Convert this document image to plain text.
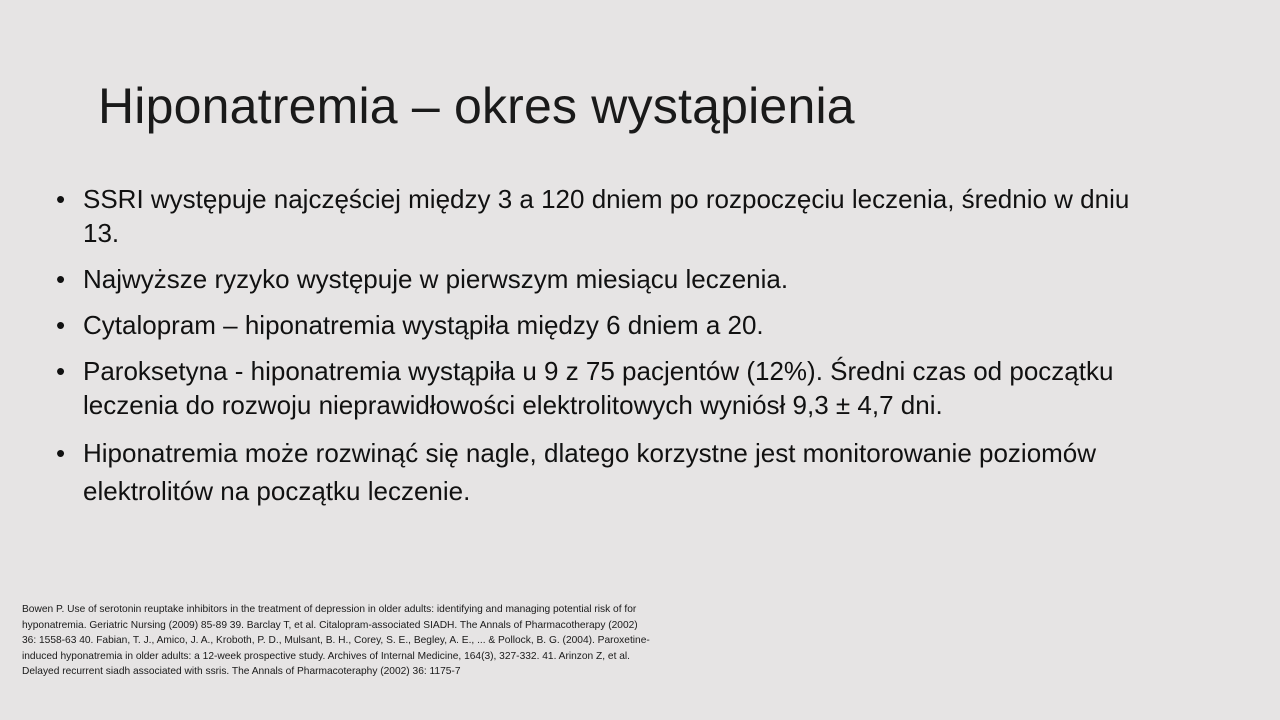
Hiponatremia – okres wystąpienia
• SSRI występuje najczęściej między 3 a 120 dniem po rozpoczęciu leczenia, średnio w dniu 13.
• Najwyższe ryzyko występuje w pierwszym miesiącu leczenia.
• Cytalopram – hiponatremia wystąpiła między 6 dniem a 20.
• Paroksetyna - hiponatremia wystąpiła u 9 z 75 pacjentów (12%). Średni czas od początku leczenia do rozwoju nieprawidłowości elektrolitowych wyniósł 9,3 ± 4,7 dni.
• Hiponatremia może rozwinąć się nagle, dlatego korzystne jest monitorowanie poziomów elektrolitów na początku leczenie.
Bowen P. Use of serotonin reuptake inhibitors in the treatment of depression in older adults: identifying and managing potential risk of for hyponatremia. Geriatric Nursing (2009) 85-89 39. Barclay T, et al. Citalopram-associated SIADH. The Annals of Pharmacotherapy (2002) 36: 1558-63 40. Fabian, T. J., Amico, J. A., Kroboth, P. D., Mulsant, B. H., Corey, S. E., Begley, A. E., ... & Pollock, B. G. (2004). Paroxetine-induced hyponatremia in older adults: a 12-week prospective study. Archives of Internal Medicine, 164(3), 327-332. 41. Arinzon Z, et al. Delayed recurrent siadh associated with ssris. The Annals of Pharmacoteraphy (2002) 36: 1175-7
